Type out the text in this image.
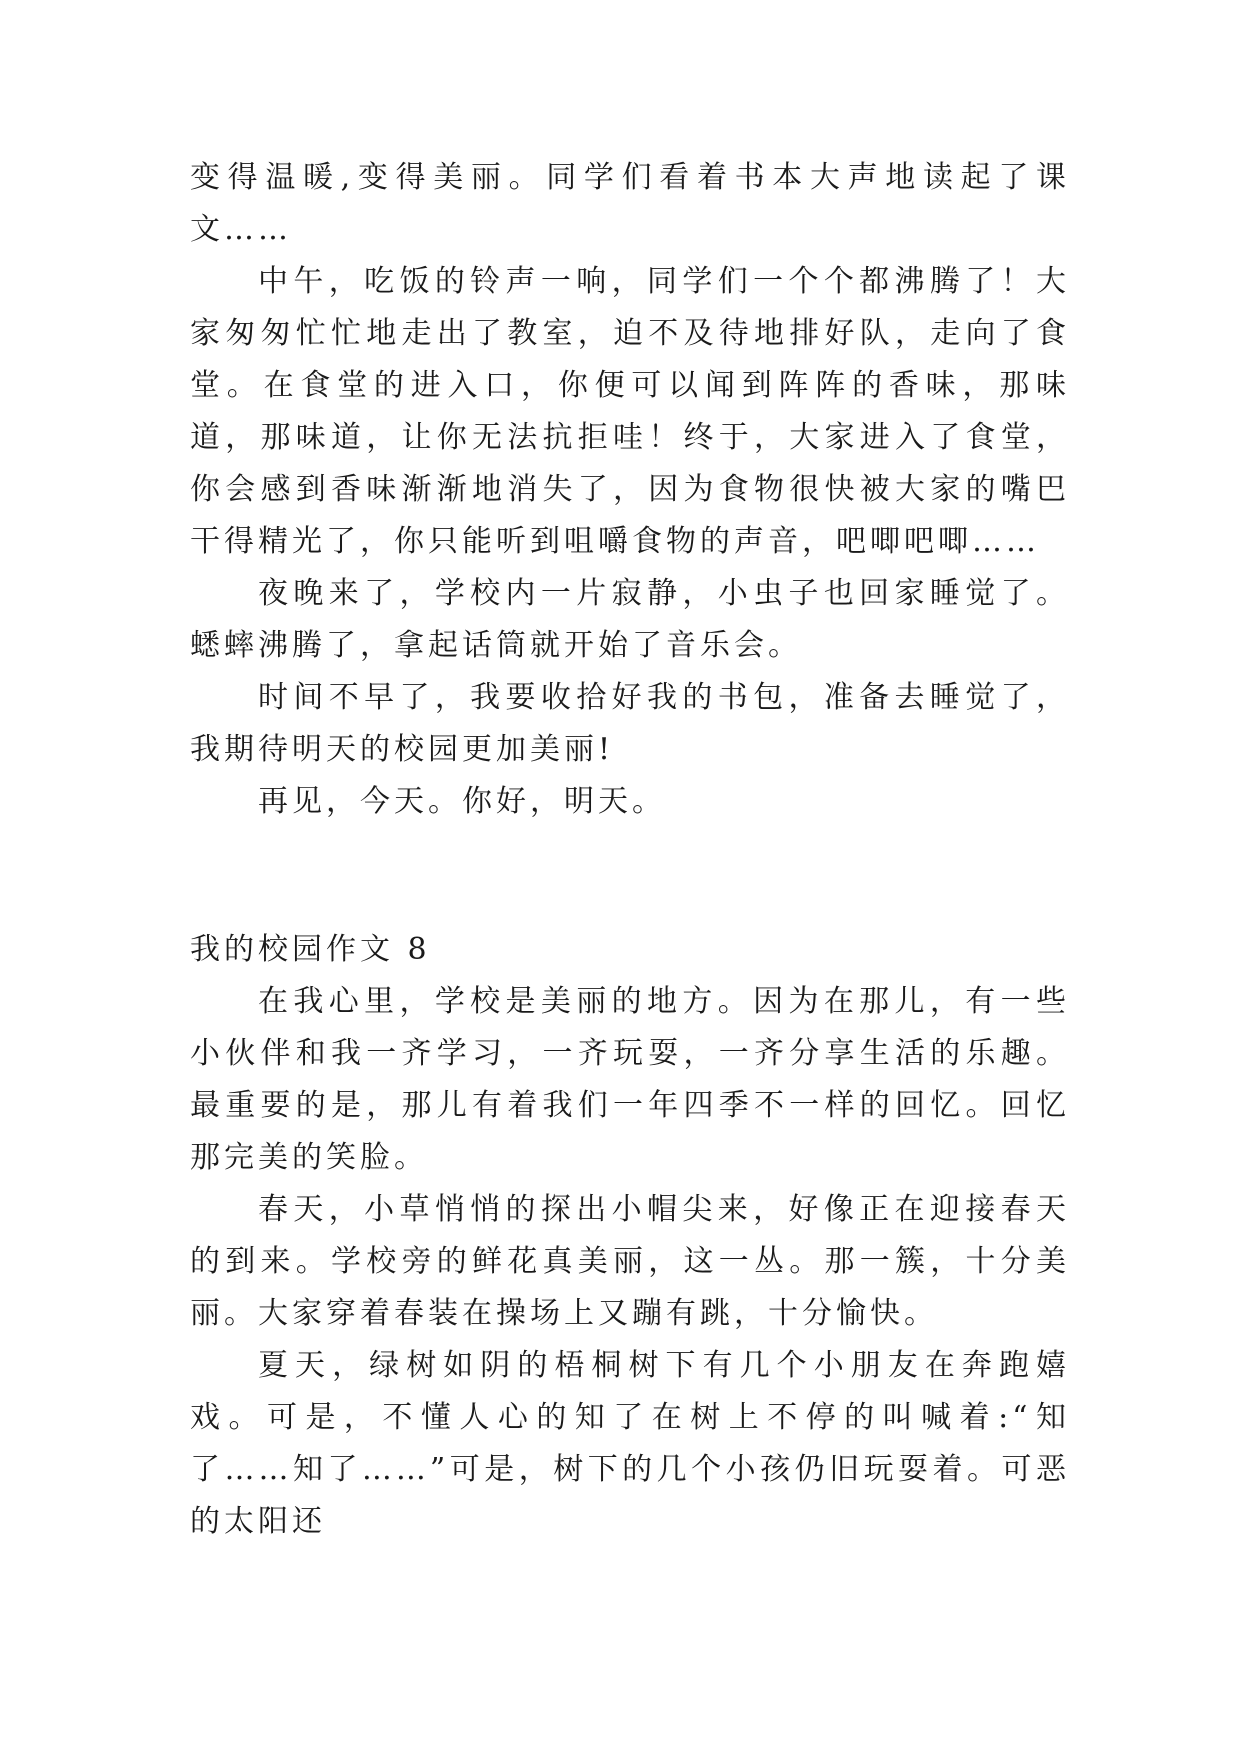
变得温暖,变得美丽。同学们看着书本大声地读起了课文……

中午，吃饭的铃声一响，同学们一个个都沸腾了！大家匆匆忙忙地走出了教室，迫不及待地排好队，走向了食堂。在食堂的进入口，你便可以闻到阵阵的香味，那味道，那味道，让你无法抗拒哇！终于，大家进入了食堂，你会感到香味渐渐地消失了，因为食物很快被大家的嘴巴干得精光了，你只能听到咀嚼食物的声音，吧唧吧唧……

夜晚来了，学校内一片寂静，小虫子也回家睡觉了。蟋蟀沸腾了，拿起话筒就开始了音乐会。

时间不早了，我要收拾好我的书包，准备去睡觉了，我期待明天的校园更加美丽!

再见，今天。你好，明天。

我的校园作文 8

在我心里，学校是美丽的地方。因为在那儿，有一些小伙伴和我一齐学习，一齐玩耍，一齐分享生活的乐趣。最重要的是，那儿有着我们一年四季不一样的回忆。回忆那完美的笑脸。

春天，小草悄悄的探出小帽尖来，好像正在迎接春天的到来。学校旁的鲜花真美丽，这一丛。那一簇，十分美丽。大家穿着春装在操场上又蹦有跳，十分愉快。

夏天，绿树如阴的梧桐树下有几个小朋友在奔跑嬉戏。可是，不懂人心的知了在树上不停的叫喊着:“知了……知了……”可是，树下的几个小孩仍旧玩耍着。可恶的太阳还
